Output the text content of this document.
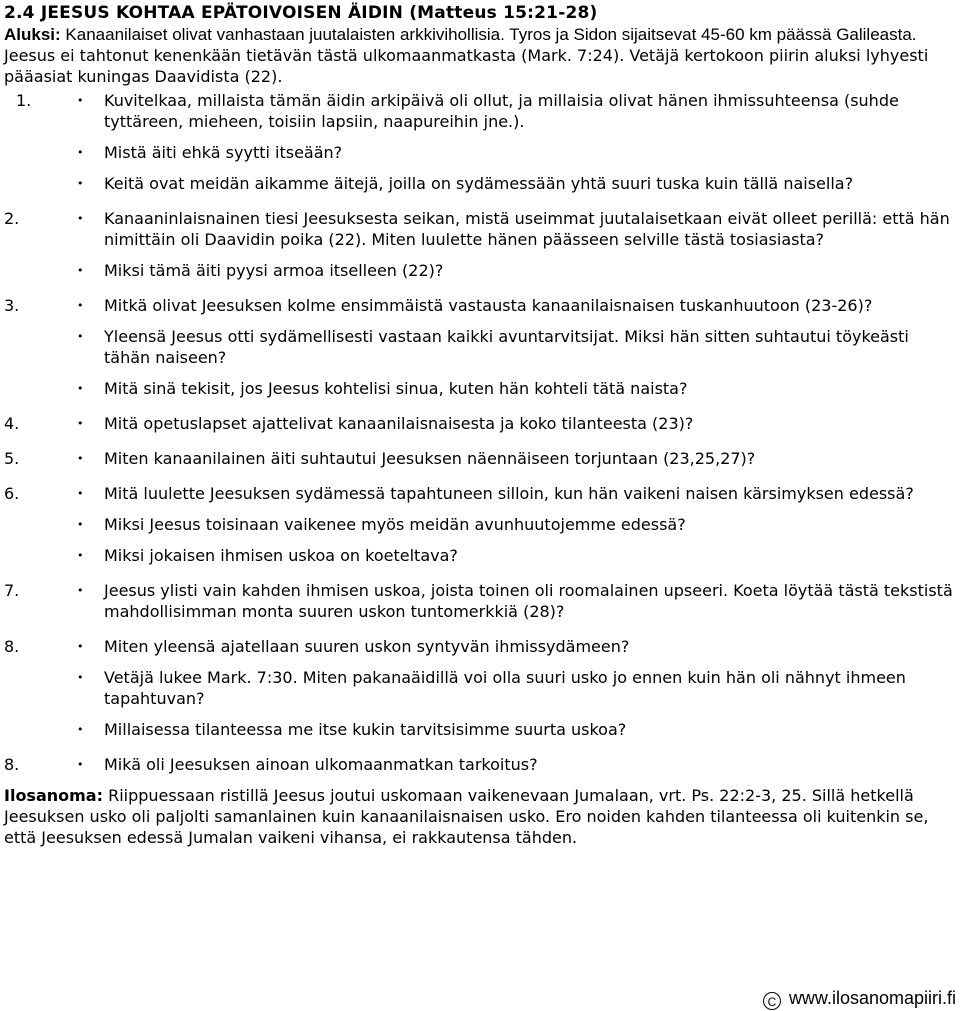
2.4 JEESUS KOHTAA EPÄTOIVOISEN ÄIDIN (Matteus 15:21-28)

Aluksi: Kanaanilaiset olivat vanhastaan juutalaisten arkkivihollisia. Tyros ja Sidon sijaitsevat 45-60 km päässä Galileasta. Jeesus ei tahtonut kenenkään tietävän tästä ulkomaanmatkasta (Mark. 7:24). Vetäjä kertokoon piirin aluksi lyhyesti pääasiat kuningas Daavidista (22).

1.	• Kuvitelkaa, millaista tämän äidin arkipäivä oli ollut, ja millaisia olivat hänen ihmissuhteensa (suhde tyttäreen, mieheen, toisiin lapsiin, naapureihin jne.).
• Mistä äiti ehkä syytti itseään?
• Keitä ovat meidän aikamme äitejä, joilla on sydämessään yhtä suuri tuska kuin tällä naisella?
2.	• Kanaaninlaisnainen tiesi Jeesuksesta seikan, mistä useimmat juutalaisetkaan eivät olleet perillä: että hän nimittäin oli Daavidin poika (22). Miten luulette hänen päässeen selville tästä tosiasiasta?
• Miksi tämä äiti pyysi armoa itselleen (22)?
3.	• Mitkä olivat Jeesuksen kolme ensimmäistä vastausta kanaanilaisnaisen tuskanhuutoon (23-26)?
• Yleensä Jeesus otti sydämellisesti vastaan kaikki avuntarvitsijat. Miksi hän sitten suhtautui töykeästi tähän naiseen?
• Mitä sinä tekisit, jos Jeesus kohtelisi sinua, kuten hän kohteli tätä naista?
4.	• Mitä opetuslapset ajattelivat kanaanilaisnaisesta ja koko tilanteesta (23)?
5.	• Miten kanaanilainen äiti suhtautui Jeesuksen näennäiseen torjuntaan (23,25,27)?
6.	• Mitä luulette Jeesuksen sydämessä tapahtuneen silloin, kun hän vaikeni naisen kärsimyksen edessä?
• Miksi Jeesus toisinaan vaikenee myös meidän avunhuutojemme edessä?
• Miksi jokaisen ihmisen uskoa on koeteltava?
7.	• Jeesus ylisti vain kahden ihmisen uskoa, joista toinen oli roomalainen upseeri. Koeta löytää tästä tekstistä mahdollisimman monta suuren uskon tuntomerkkiä (28)?
8.	• Miten yleensä ajatellaan suuren uskon syntyvän ihmissydämeen?
• Vetäjä lukee Mark. 7:30. Miten pakanaäidillä voi olla suuri usko jo ennen kuin hän oli nähnyt ihmeen tapahtuvan?
• Millaisessa tilanteessa me itse kukin tarvitsisimme suurta uskoa?
8.	• Mikä oli Jeesuksen ainoan ulkomaanmatkan tarkoitus?

Ilosanoma: Riippuessaan ristillä Jeesus joutui uskomaan vaikenevaan Jumalaan, vrt. Ps. 22:2-3, 25. Sillä hetkellä Jeesuksen usko oli paljolti samanlainen kuin kanaanilaisnaisen usko. Ero noiden kahden tilanteessa oli kuitenkin se, että Jeesuksen edessä Jumalan vaikeni vihansa, ei rakkautensa tähden.

C www.ilosanomapiiri.fi
